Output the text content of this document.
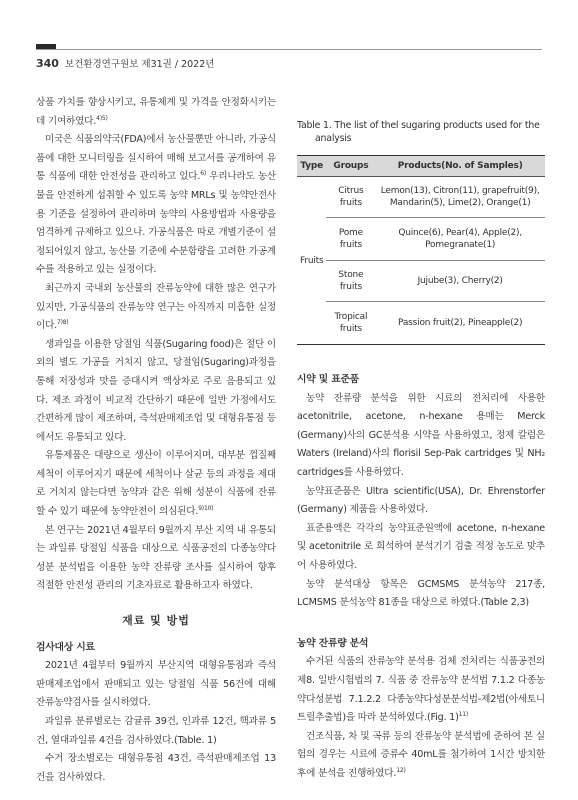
340 보건환경연구원보 제31권 / 2022년

상품 가치를 향상시키고, 유통체계 및 가격을 안정화시키는데 기여하였다.$^{4)5)}$

미국은 식품의약국(FDA)에서 농산물뿐만 아니라, 가공식품에 대한 모니터링을 실시하여 매해 보고서를 공개하여 유통 식품에 대한 안전성을 관리하고 있다.$^{6)}$ 우리나라도 농산물을 안전하게 섭취할 수 있도록 농약 MRLs 및 농약안전사용 기준을 설정하여 관리하며 농약의 사용방법과 사용량을 엄격하게 규제하고 있으나. 가공식품은 따로 개별기준이 설정되어있지 않고, 농산물 기준에 수분함량을 고려한 가공계수를 적용하고 있는 실정이다.

최근까지 국내외 농산물의 잔류농약에 대한 많은 연구가 있지만, 가공식품의 잔류농약 연구는 아직까지 미흡한 실정이다.$^{7)8)}$

생과일을 이용한 당절임 식품(Sugaring food)은 절단 이외의 별도 가공을 거치지 않고, 당절임(Sugaring)과정을 통해 저장성과 맛을 증대시켜 액상차로 주로 음용되고 있다. 제조 과정이 비교적 간단하기 때문에 일반 가정에서도 간편하게 많이 제조하며, 즉석판매제조업 및 대형유통점 등에서도 유통되고 있다.

유통제품은 대량으로 생산이 이루어지며, 대부분 껍질째 세척이 이루어지기 때문에 세척이나 살균 등의 과정을 제대로 거치지 않는다면 농약과 같은 위해 성분이 식품에 잔류할 수 있기 때문에 농약안전이 의심된다.$^{9)10)}$

본 연구는 2021년 4월부터 9월까지 부산 지역 내 유통되는 과일류 당절임 식품을 대상으로 식품공전의 다종농약다성분 분석법을 이용한 농약 잔류량 조사를 실시하여 향후 적절한 안전성 관리의 기초자료로 활용하고자 하였다.

재료 및 방법
검사대상 시료

2021년 4월부터 9월까지 부산지역 대형유통점과 즉석판매제조업에서 판매되고 있는 당절임 식품 56건에 대해 잔류농약검사를 실시하였다.

과일류 분류별로는 감귤류 39건, 인과류 12건, 핵과류 5건, 열대과일류 4건을 검사하였다.(Table. 1)

수거 장소별로는 대형유통점 43건, 즉석판매제조업 13건을 검사하였다.

Table 1. The list of thel sugaring products used for the analysis
Type	Groups	Products(No. of Samples)
Fruits	Citrus fruits	Lemon(13), Citron(11), grapefruit(9), Mandarin(5), Lime(2), Orange(1)
	Pome fruits	Quince(6), Pear(4), Apple(2), Pomegranate(1)
	Stone fruits	Jujube(3), Cherry(2)
	Tropical fruits	Passion fruit(2), Pineapple(2)
시약 및 표준품

농약 잔류량 분석을 위한 시료의 전처리에 사용한 acetonitrile, acetone, n-hexane 용매는 Merck (Germany)사의 GC분석용 시약을 사용하였고, 정제 칼럼은 Waters (Ireland)사의 florisil Sep-Pak cartridges 및 NH₂ cartridges를 사용하였다.

농약표준품은 Ultra scientific(USA), Dr. Ehrenstorfer (Germany) 제품을 사용하였다.

표준용액은 각각의 농약표준원액에 acetone, n-hexane 및 acetonitrile 로 희석하여 분석기기 검출 적정 농도로 맞추어 사용하였다.

농약 분석대상 항목은 GCMSMS 분석농약 217종, LCMSMS 분석농약 81종을 대상으로 하였다.(Table 2,3)

농약 잔류량 분석

수거된 식품의 잔류농약 분석용 검체 전처리는 식품공전의 제8. 일반시험법의 7. 식품 중 잔류농약 분석법 7.1.2 다종농약다성분법 7.1.2.2 다종농약다성분분석법-제2법(아세토니트릴추출법)을 따라 분석하였다.(Fig. 1)$^{11)}$

건조식품, 차 및 곡류 등의 잔류농약 분석법에 준하여 본 실험의 경우는 시료에 증류수 40mL를 첨가하여 1시간 방치한 후에 분석을 진행하였다.$^{12)}$
